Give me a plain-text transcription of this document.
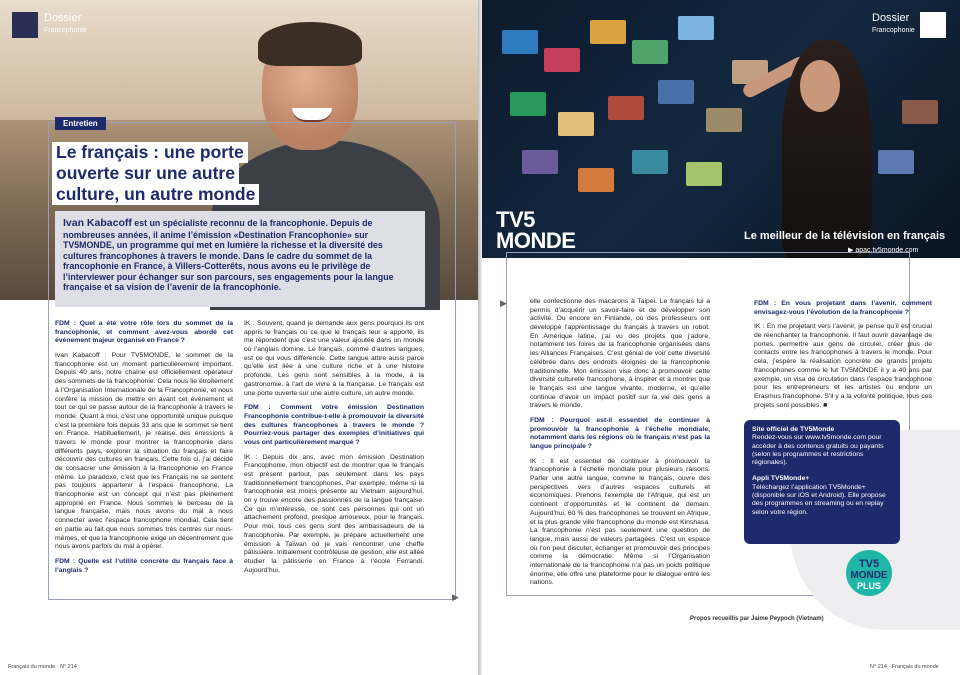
Dossier
Francophonie
Entretien
Le français : une porte
ouverte sur une autre
culture, un autre monde
Ivan Kabacoff est un spécialiste reconnu de la francophonie. Depuis de nombreuses années, il anime l’émission «Destination Francophonie» sur TV5MONDE, un programme qui met en lumière la richesse et la diversité des cultures francophones à travers le monde. Dans le cadre du sommet de la francophonie en France, à Villers-Cotterêts, nous avons eu le privilège de l’interviewer pour échanger sur son parcours, ses engagements pour la langue française et sa vision de l’avenir de la francophonie.
Crédit photo : DR

FDM : Quel a été votre rôle lors du sommet de la francophonie, et comment avez-vous abordé cet événement majeur organisé en France ?

Ivan Kabacoff : Pour TV5MONDE, le sommet de la francophonie est un moment particulièrement important. Depuis 40 ans, notre chaîne est officiellement opérateur des sommets de la francophonie. Cela nous lie étroitement à l’Organisation Internationale de la Francophonie, et nous confère la mission de mettre en avant cet événement et tout ce qui se passe autour de la francophonie à travers le monde. Quant à moi, c’est une opportunité unique puisque c’est la première fois depuis 33 ans que le sommet se tient en France. Habituellement, je réalise des émissions à travers le monde pour montrer la francophonie dans différents pays, explorer la situation du français et faire découvrir des cultures en français. Cette fois ci, j’ai décidé de consacrer une émission à la francophonie en France même. Le paradoxe, c’est que les Français ne se sentent pas toujours appartenir à l’espace francophone. La francophonie est un concept qui n’est pas pleinement approprié en France. Nous sommes le berceau de la langue française, mais nous avons du mal à nous connecter avec l’espace francophone mondial. Cela tient en partie au fait que nous sommes très centrés sur nous-mêmes, et que la francophonie exige un décentrement que nous avons parfois du mal à opérer.

FDM : Quelle est l’utilité concrète du français face à l’anglais ?

IK : Souvent, quand je demande aux gens pourquoi ils ont appris le français ou ce que le français leur a apporté, ils me répondent que c’est une valeur ajoutée dans un monde où l’anglais domine. Le français, comme d’autres langues, est ce qui vous différencie. Cette langue attire aussi parce qu’elle est liée à une culture riche et à une histoire profonde. Les gens sont sensibles à la mode, à la gastronomie, à l’art de vivre à la française. Le français est une porte ouverte sur une autre culture, un autre monde.

FDM : Comment votre émission Destination Francophonie contribue-t-elle à promouvoir la diversité des cultures francophones à travers le monde ? Pourriez-vous partager des exemples d’initiatives qui vous ont particulièrement marqué ?

IK : Depuis dix ans, avec mon émission Destination Francophonie, mon objectif est de montrer que le français est présent partout, pas seulement dans les pays traditionnellement francophones. Par exemple, même si la francophonie est moins présente au Vietnam aujourd’hui, on y trouve encore des passionnés de la langue française. Ce qui m’intéresse, ce sont ces personnes qui ont un attachement profond, presque amoureux, pour le français. Pour moi, tous ces gens sont des ambassadeurs de la francophonie. Par exemple, je prépare actuellement une émission à Taïwan où je vais rencontrer une cheffe pâtissière. Initialement contrôleuse de gestion, elle est allée étudier la pâtisserie en France à l’école Ferrandi. Aujourd’hui,

▶
Français du monde · N° 214
Dossier
Francophonie
TV5
MONDE	Le meilleur de la télévision en français
▶ apac.tv5monde.com

elle confectionne des macarons à Taipei. Le français lui a permis d’acquérir un savoir-faire et de développer son activité. Ou encore en Finlande, où des professeurs ont développé l’apprentissage du français à travers un robot. En Amérique latine, j’ai vu des projets que j’adore, notamment les foires de la francophonie organisées dans les Alliances Françaises. C’est génial de voir cette diversité célébrée dans des endroits éloignés de la francophonie traditionnelle. Mon émission vise donc à promouvoir cette diversité culturelle francophone, à inspirer et à montrer que le français est une langue vivante, moderne, et qu’elle continue d’avoir un impact positif sur la vie des gens à travers le monde.

FDM : Pourquoi est-il essentiel de continuer à promouvoir la francophonie à l’échelle mondiale, notamment dans les régions où le français n’est pas la langue principale ?

IK : Il est essentiel de continuer à promouvoir la francophonie à l’échelle mondiale pour plusieurs raisons. Parler une autre langue, comme le français, ouvre des perspectives vers d’autres espaces culturels et économiques. Prenons l’exemple de l’Afrique, qui est un continent d’opportunités et le continent de demain. Aujourd’hui, 60 % des francophones se trouvent en Afrique, et la plus grande ville francophone du monde est Kinshasa. La francophonie n’est pas seulement une question de langue, mais aussi de valeurs partagées. C’est un espace où l’on peut discuter, échanger et promouvoir des principes comme la démocratie. Même si l’Organisation internationale de la francophonie n’a pas un poids politique énorme, elle offre une plateforme pour le dialogue entre les nations.

FDM : En vous projetant dans l’avenir, comment envisagez-vous l’évolution de la francophonie ?

IK : En me projetant vers l’avenir, je pense qu’il est crucial de réenchanter la francophonie. Il faut ouvrir davantage de portes, permettre aux gens de circuler, créer plus de contacts entre les francophones à travers le monde. Pour cela, j’espère la réalisation concrète de grands projets francophones comme le fut TV5MONDE il y a 40 ans par exemple, un visa de circulation dans l’espace francophone pour les entrepreneurs et les artistes ou encore un Erasmus francophone. S’il y a la volonté politique, tous ces projets sont possibles. ■

Site officiel de TV5Monde
Rendez-vous sur www.tv5monde.com pour accéder à des contenus gratuits ou payants (selon les programmes et restrictions régionales).
Appli TV5Monde+
Téléchargez l’application TV5Monde+ (disponible sur iOS et Android). Elle propose des programmes en streaming ou en replay selon votre région.
TV5
MONDE
PLUS
Propos recueillis par Jaime Peypoch (Vietnam)
▶
N° 214 · Français du monde
